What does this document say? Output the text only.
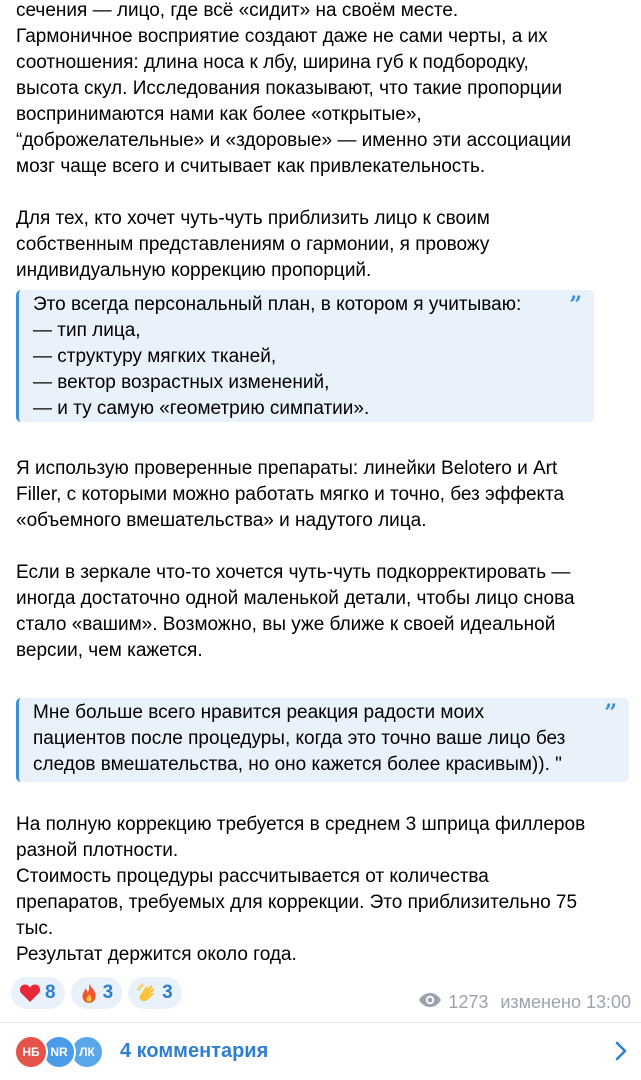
сечения — лицо, где всё «сидит» на своём месте.
Гармоничное восприятие создают даже не сами черты, а их
соотношения: длина носа к лбу, ширина губ к подбородку,
высота скул. Исследования показывают, что такие пропорции
воспринимаются нами как более «открытые»,
“доброжелательные» и «здоровые» — именно эти ассоциации
мозг чаще всего и считывает как привлекательность.
Для тех, кто хочет чуть-чуть приблизить лицо к своим
собственным представлениям о гармонии, я провожу
индивидуальную коррекцию пропорций.
”
Это всегда персональный план, в котором я учитываю:
— тип лица,
— структуру мягких тканей,
— вектор возрастных изменений,
— и ту самую «геометрию симпатии».
Я использую проверенные препараты: линейки Belotero и Art
Filler, с которыми можно работать мягко и точно, без эффекта
«объемного вмешательства» и надутого лица.
Если в зеркале что-то хочется чуть-чуть подкорректировать —
иногда достаточно одной маленькой детали, чтобы лицо снова
стало «вашим». Возможно, вы уже ближе к своей идеальной
версии, чем кажется.
”
Мне больше всего нравится реакция радости моих
пациентов после процедуры, когда это точно ваше лицо без
следов вмешательства, но оно кажется более красивым)). "
На полную коррекцию требуется в среднем 3 шприца филлеров
разной плотности.
Стоимость процедуры рассчитывается от количества
препаратов, требуемых для коррекции. Это приблизительно 75
тыс.
Результат держится около года.
8 3	3	1273 изменено 13:00
НБ NR ЛК	4 комментария
